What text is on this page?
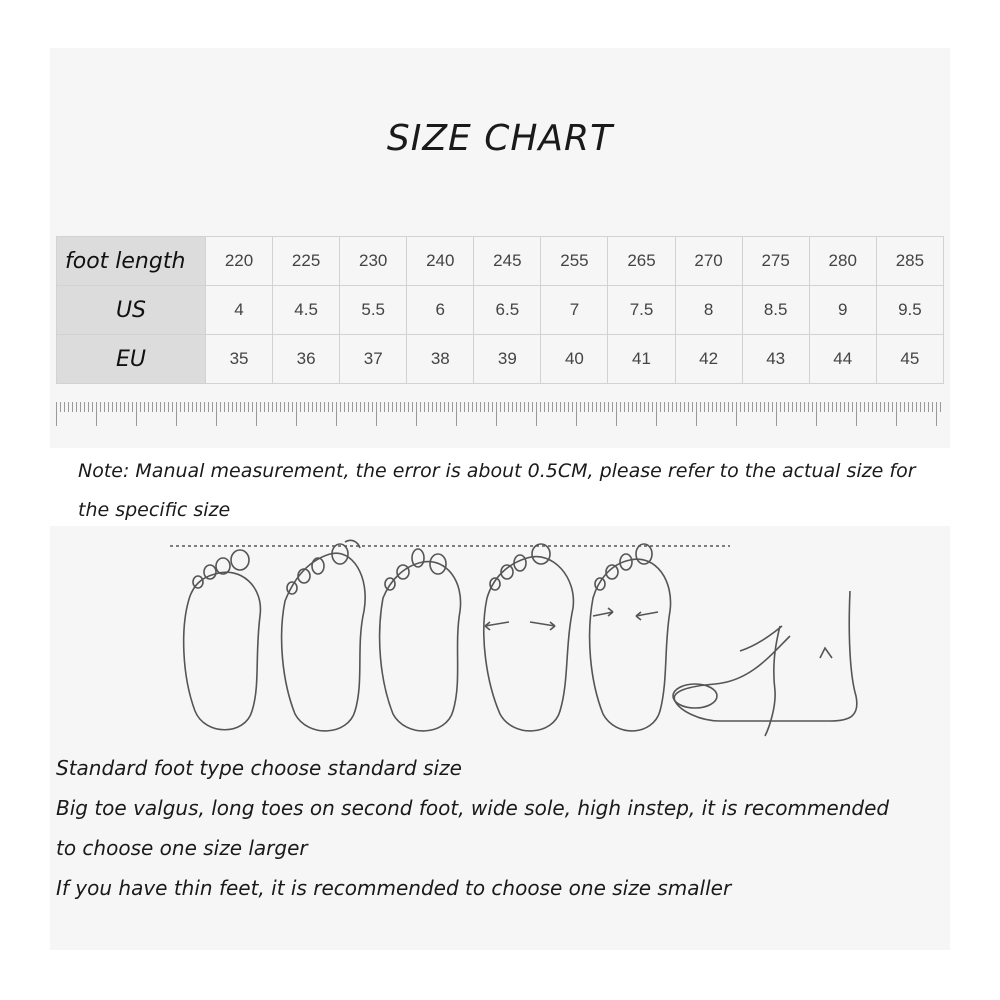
SIZE CHART
foot length	220	225	230	240	245	255	265	270	275	280	285
US	4	4.5	5.5	6	6.5	7	7.5	8	8.5	9	9.5
EU	35	36	37	38	39	40	41	42	43	44	45
Note: Manual measurement, the error is about 0.5CM, please refer to the actual size for the specific size
Standard foot type choose standard size
Big toe valgus, long toes on second foot, wide sole, high instep, it is recommended
to choose one size larger
If you have thin feet, it is recommended to choose one size smaller
